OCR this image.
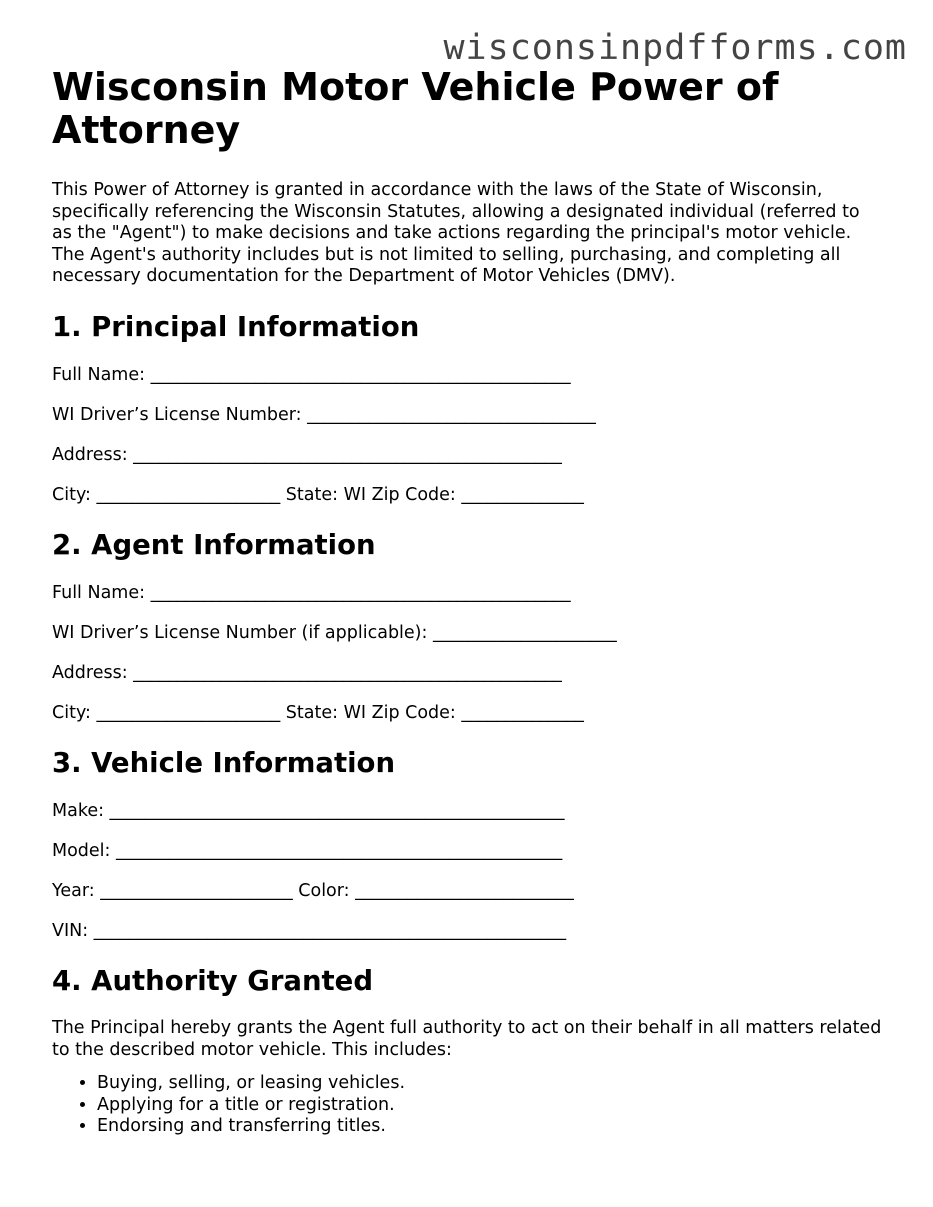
wisconsinpdfforms.com
Wisconsin Motor Vehicle Power of Attorney

This Power of Attorney is granted in accordance with the laws of the State of Wisconsin, specifically referencing the Wisconsin Statutes, allowing a designated individual (referred to as the "Agent") to make decisions and take actions regarding the principal's motor vehicle. The Agent's authority includes but is not limited to selling, purchasing, and completing all necessary documentation for the Department of Motor Vehicles (DMV).

1. Principal Information
Full Name: ________________________________________________
WI Driver’s License Number: _________________________________
Address: _________________________________________________
City: _____________________ State: WI Zip Code: ______________
2. Agent Information
Full Name: ________________________________________________
WI Driver’s License Number (if applicable): _____________________
Address: _________________________________________________
City: _____________________ State: WI Zip Code: ______________
3. Vehicle Information
Make: ____________________________________________________
Model: ___________________________________________________
Year: ______________________ Color: _________________________
VIN: ______________________________________________________
4. Authority Granted

The Principal hereby grants the Agent full authority to act on their behalf in all matters related to the described motor vehicle. This includes:

• Buying, selling, or leasing vehicles.
• Applying for a title or registration.
• Endorsing and transferring titles.
